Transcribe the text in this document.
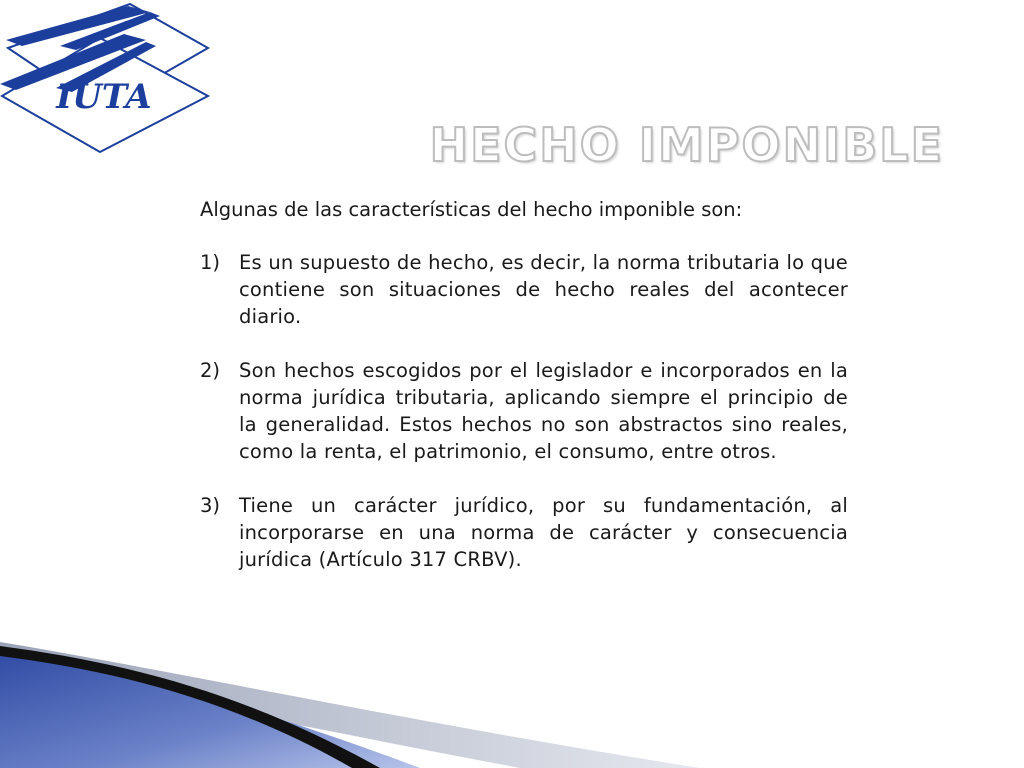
IUTA
HECHO IMPONIBLE

Algunas de las características del hecho imponible son:

1) Es un supuesto de hecho, es decir, la norma tributaria lo que contiene son situaciones de hecho reales del acontecer diario.
2) Son hechos escogidos por el legislador e incorporados en la norma jurídica tributaria, aplicando siempre el principio de la generalidad. Estos hechos no son abstractos sino reales, como la renta, el patrimonio, el consumo, entre otros.
3) Tiene un carácter jurídico, por su fundamentación, al incorporarse en una norma de carácter y consecuencia jurídica (Artículo 317 CRBV).
